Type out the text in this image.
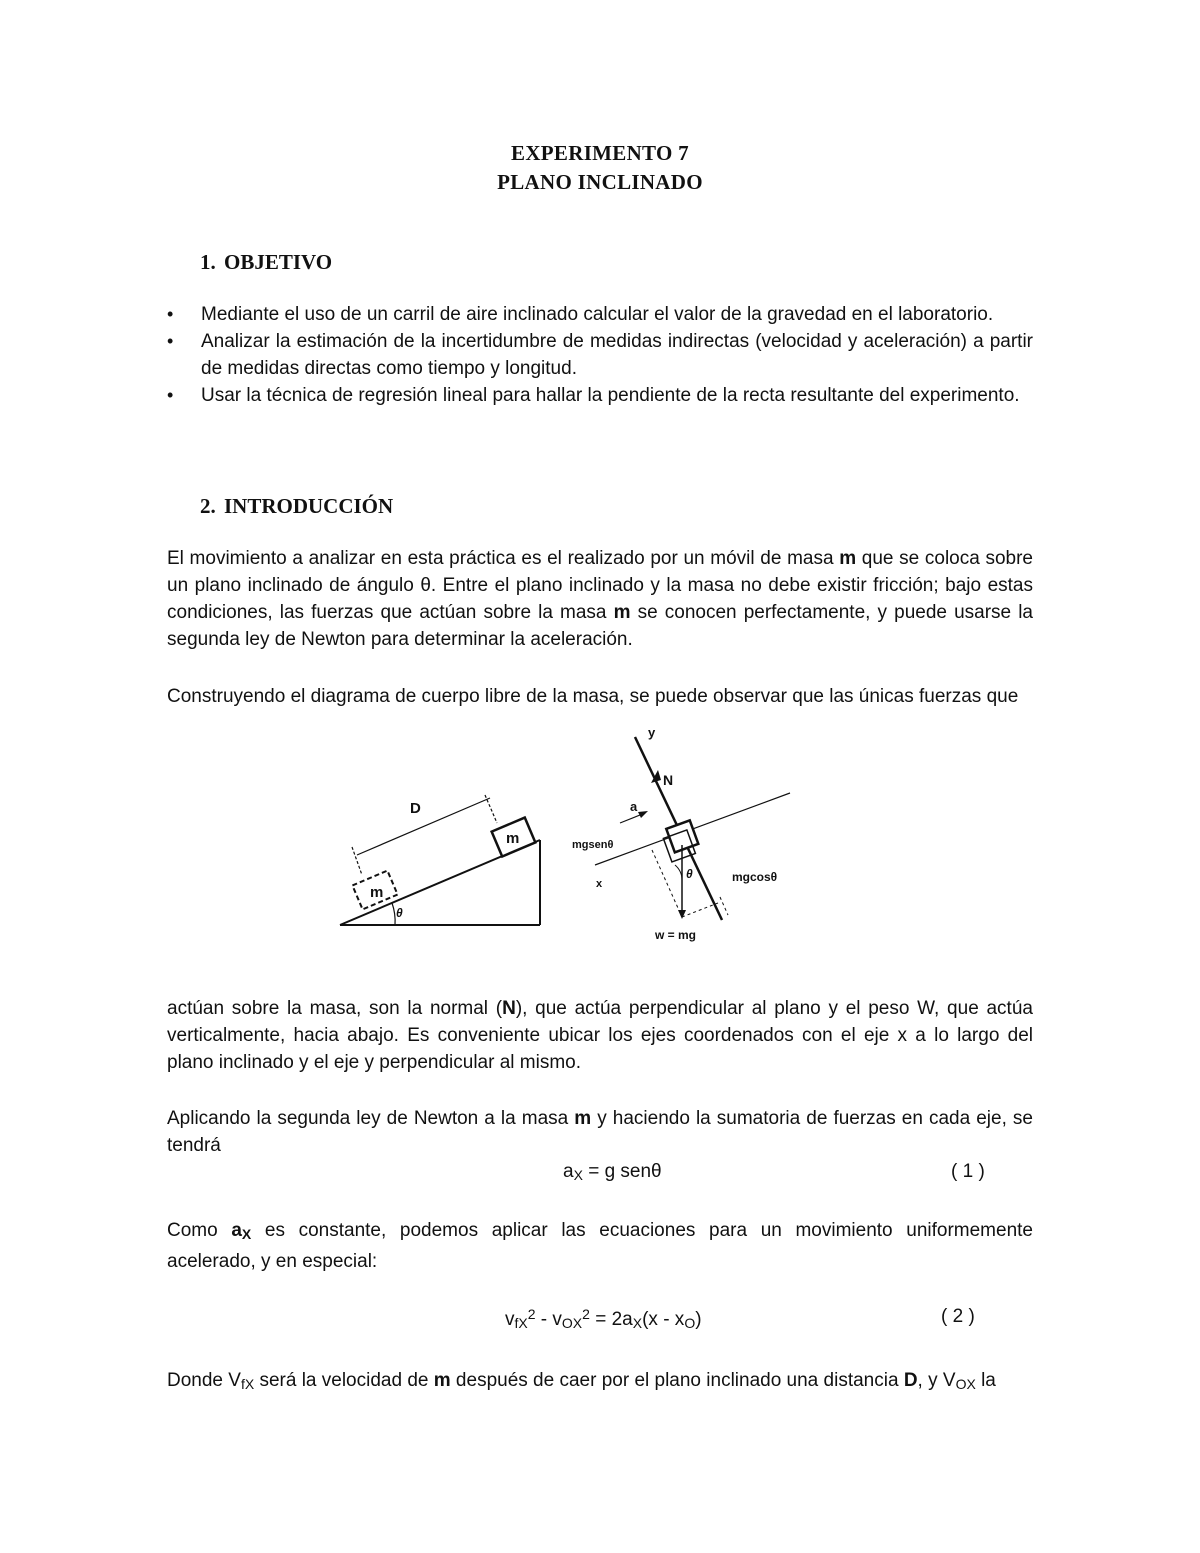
EXPERIMENTO 7
PLANO INCLINADO
1. OBJETIVO
• Mediante el uso de un carril de aire inclinado calcular el valor de la gravedad en el laboratorio.
• Analizar la estimación de la incertidumbre de medidas indirectas (velocidad y aceleración) a partir de medidas directas como tiempo y longitud.
• Usar la técnica de regresión lineal para hallar la pendiente de la recta resultante del experimento.
2. INTRODUCCIÓN

El movimiento a analizar en esta práctica es el realizado por un móvil de masa m que se coloca sobre un plano inclinado de ángulo θ. Entre el plano inclinado y la masa no debe existir fricción; bajo estas condiciones, las fuerzas que actúan sobre la masa m se conocen perfectamente, y puede usarse la segunda ley de Newton para determinar la aceleración.

Construyendo el diagrama de cuerpo libre de la masa, se puede observar que las únicas fuerzas que

m
m
D
θ
y
N
a
mgsenθ
x
θ	mgcosθ
w = mg

actúan sobre la masa, son la normal (N), que actúa perpendicular al plano y el peso W, que actúa verticalmente, hacia abajo. Es conveniente ubicar los ejes coordenados con el eje x a lo largo del plano inclinado y el eje y perpendicular al mismo.

Aplicando la segunda ley de Newton a la masa m y haciendo la sumatoria de fuerzas en cada eje, se tendrá

$a_X = g$ senθ	( 1 )

Como $a_X$ es constante, podemos aplicar las ecuaciones para un movimiento uniformemente acelerado, y en especial:

$v_{fX}^2 - v_{OX}^2 = 2a_X(x - x_O)$	( 2 )

Donde $V_{fX}$ será la velocidad de m después de caer por el plano inclinado una distancia D, y $V_{OX}$ la
